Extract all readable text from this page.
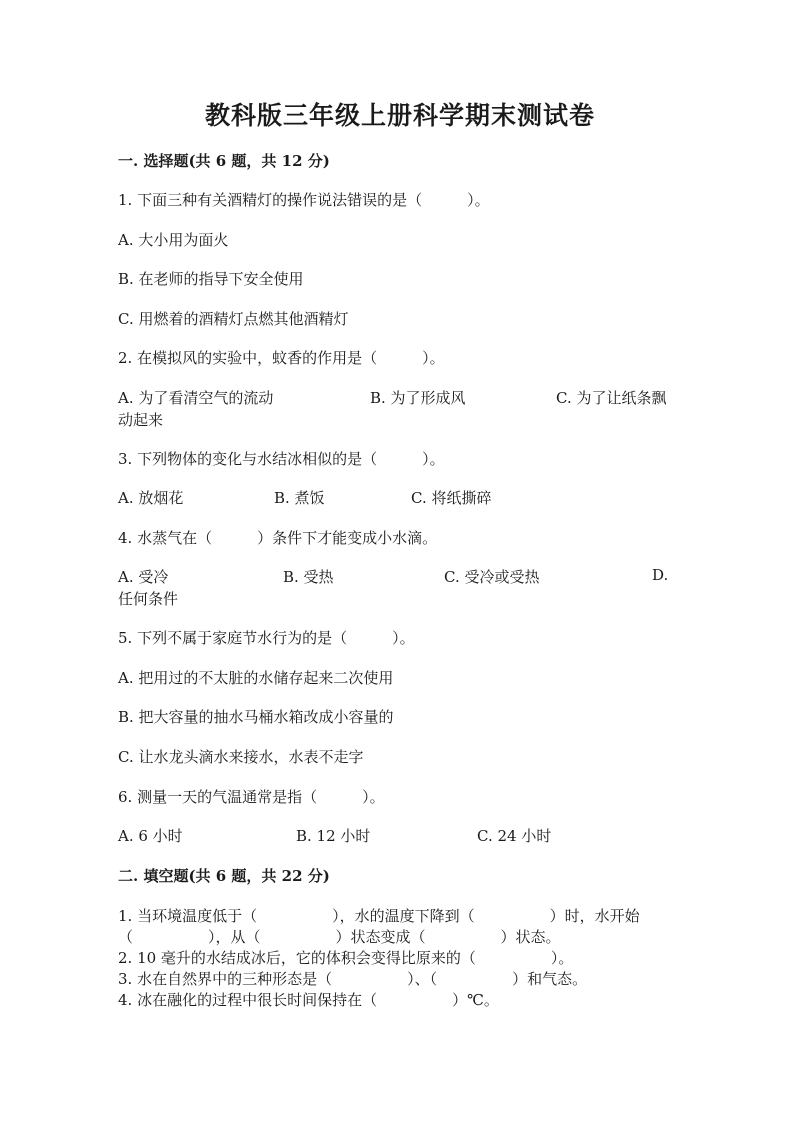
教科版三年级上册科学期末测试卷
一. 选择题(共 6 题，共 12 分)
1. 下面三种有关酒精灯的操作说法错误的是（　　　）。
A. 大小用为面火
B. 在老师的指导下安全使用
C. 用燃着的酒精灯点燃其他酒精灯
2. 在模拟风的实验中，蚊香的作用是（　　　）。
A. 为了看清空气的流动	B. 为了形成风	C. 为了让纸条飘
动起来
3. 下列物体的变化与水结冰相似的是（　　　）。
A. 放烟花	B. 煮饭	C. 将纸撕碎
4. 水蒸气在（　　　）条件下才能变成小水滴。
A. 受冷	B. 受热	C. 受冷或受热	D.
任何条件
5. 下列不属于家庭节水行为的是（　　　）。
A. 把用过的不太脏的水储存起来二次使用
B. 把大容量的抽水马桶水箱改成小容量的
C. 让水龙头滴水来接水，水表不走字
6. 测量一天的气温通常是指（　　　）。
A. 6 小时	B. 12 小时	C. 24 小时
二. 填空题(共 6 题，共 22 分)
1. 当环境温度低于（　　　　　），水的温度下降到（　　　　　）时，水开始
（　　　　　），从（　　　　　）状态变成（　　　　　）状态。
2. 10 毫升的水结成冰后，它的体积会变得比原来的（　　　　　）。
3. 水在自然界中的三种形态是（　　　　　）、（　　　　　）和气态。
4. 冰在融化的过程中很长时间保持在（　　　　　）℃。
